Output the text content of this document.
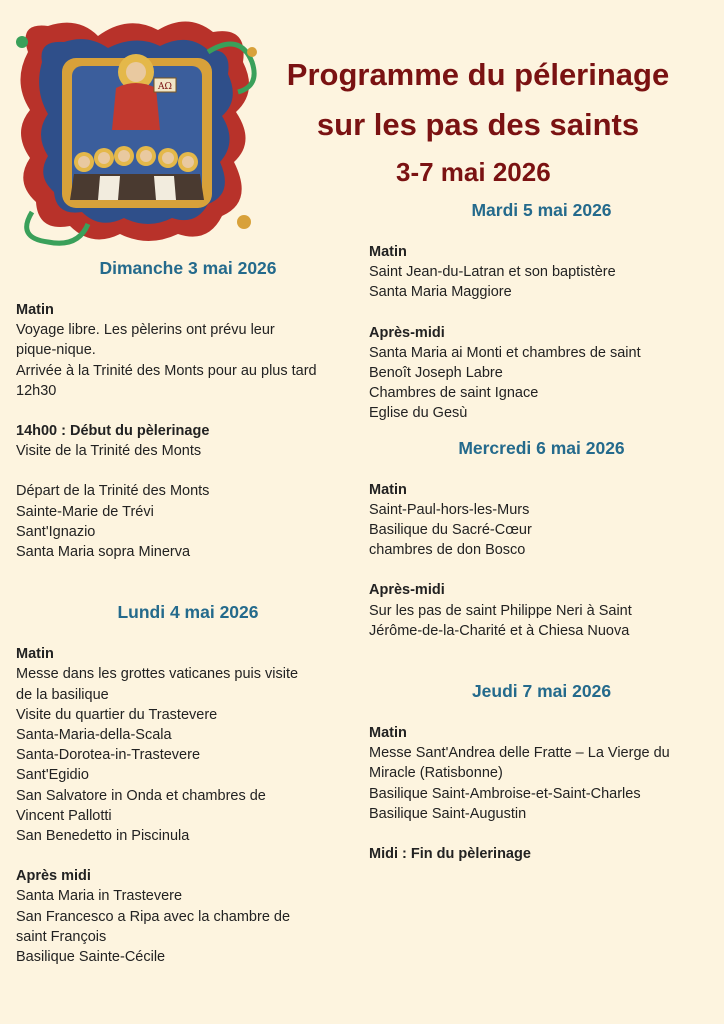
AΩ	Programme du pélerinage
sur les pas des saints
3-7 mai 2026

Dimanche 3 mai 2026

Matin

Voyage libre. Les pèlerins ont prévu leur

pique-nique.

Arrivée à la Trinité des Monts pour au plus tard

12h30

14h00 : Début du pèlerinage

Visite de la Trinité des Monts

Départ de la Trinité des Monts

Sainte-Marie de Trévi

Sant'Ignazio

Santa Maria sopra Minerva

Lundi 4 mai 2026

Matin

Messe dans les grottes vaticanes puis visite

de la basilique

Visite du quartier du Trastevere

Santa-Maria-della-Scala

Santa-Dorotea-in-Trastevere

Sant'Egidio

San Salvatore in Onda et chambres de

Vincent Pallotti

San Benedetto in Piscinula

Après midi

Santa Maria in Trastevere

San Francesco a Ripa avec la chambre de

saint François

Basilique Sainte-Cécile

Mardi 5 mai 2026

Matin

Saint Jean-du-Latran et son baptistère

Santa Maria Maggiore

Après-midi

Santa Maria ai Monti et chambres de saint

Benoît Joseph Labre

Chambres de saint Ignace

Eglise du Gesù

Mercredi 6 mai 2026

Matin

Saint-Paul-hors-les-Murs

Basilique du Sacré-Cœur

chambres de don Bosco

Après-midi

Sur les pas de saint Philippe Neri à Saint

Jérôme-de-la-Charité et à Chiesa Nuova

Jeudi 7 mai 2026

Matin

Messe Sant'Andrea delle Fratte – La Vierge du

Miracle (Ratisbonne)

Basilique Saint-Ambroise-et-Saint-Charles

Basilique Saint-Augustin

Midi : Fin du pèlerinage
